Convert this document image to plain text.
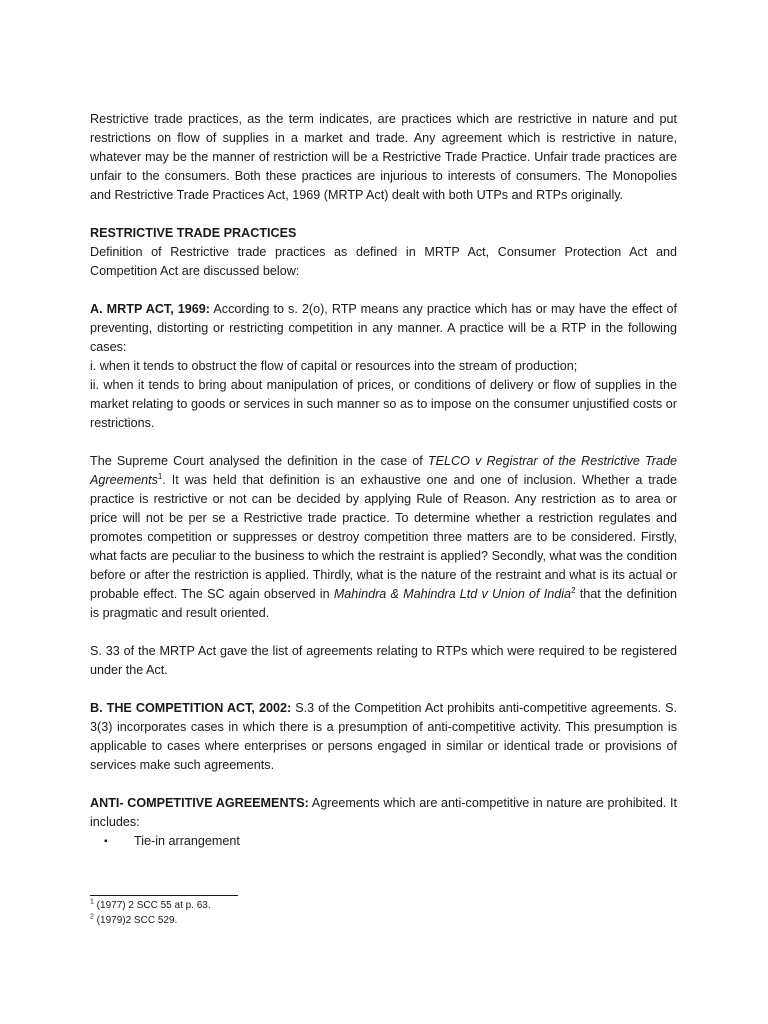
Restrictive trade practices, as the term indicates, are practices which are restrictive in nature and put restrictions on flow of supplies in a market and trade. Any agreement which is restrictive in nature, whatever may be the manner of restriction will be a Restrictive Trade Practice. Unfair trade practices are unfair to the consumers. Both these practices are injurious to interests of consumers. The Monopolies and Restrictive Trade Practices Act, 1969 (MRTP Act) dealt with both UTPs and RTPs originally.

RESTRICTIVE TRADE PRACTICES
Definition of Restrictive trade practices as defined in MRTP Act, Consumer Protection Act and Competition Act are discussed below:

A. MRTP ACT, 1969: According to s. 2(o), RTP means any practice which has or may have the effect of preventing, distorting or restricting competition in any manner. A practice will be a RTP in the following cases:
i. when it tends to obstruct the flow of capital or resources into the stream of production;
ii. when it tends to bring about manipulation of prices, or conditions of delivery or flow of supplies in the market relating to goods or services in such manner so as to impose on the consumer unjustified costs or restrictions.

The Supreme Court analysed the definition in the case of TELCO v Registrar of the Restrictive Trade Agreements$^1$. It was held that definition is an exhaustive one and one of inclusion. Whether a trade practice is restrictive or not can be decided by applying Rule of Reason. Any restriction as to area or price will not be per se a Restrictive trade practice. To determine whether a restriction regulates and promotes competition or suppresses or destroy competition three matters are to be considered. Firstly, what facts are peculiar to the business to which the restraint is applied? Secondly, what was the condition before or after the restriction is applied. Thirdly, what is the nature of the restraint and what is its actual or probable effect. The SC again observed in Mahindra & Mahindra Ltd v Union of India$^2$ that the definition is pragmatic and result oriented.

S. 33 of the MRTP Act gave the list of agreements relating to RTPs which were required to be registered under the Act.

B. THE COMPETITION ACT, 2002: S.3 of the Competition Act prohibits anti-competitive agreements. S. 3(3) incorporates cases in which there is a presumption of anti-competitive activity. This presumption is applicable to cases where enterprises or persons engaged in similar or identical trade or provisions of services make such agreements.

ANTI- COMPETITIVE AGREEMENTS: Agreements which are anti-competitive in nature are prohibited. It includes:

▪ Tie-in arrangement
$^1$ (1977) 2 SCC 55 at p. 63.
$^2$ (1979)2 SCC 529.
